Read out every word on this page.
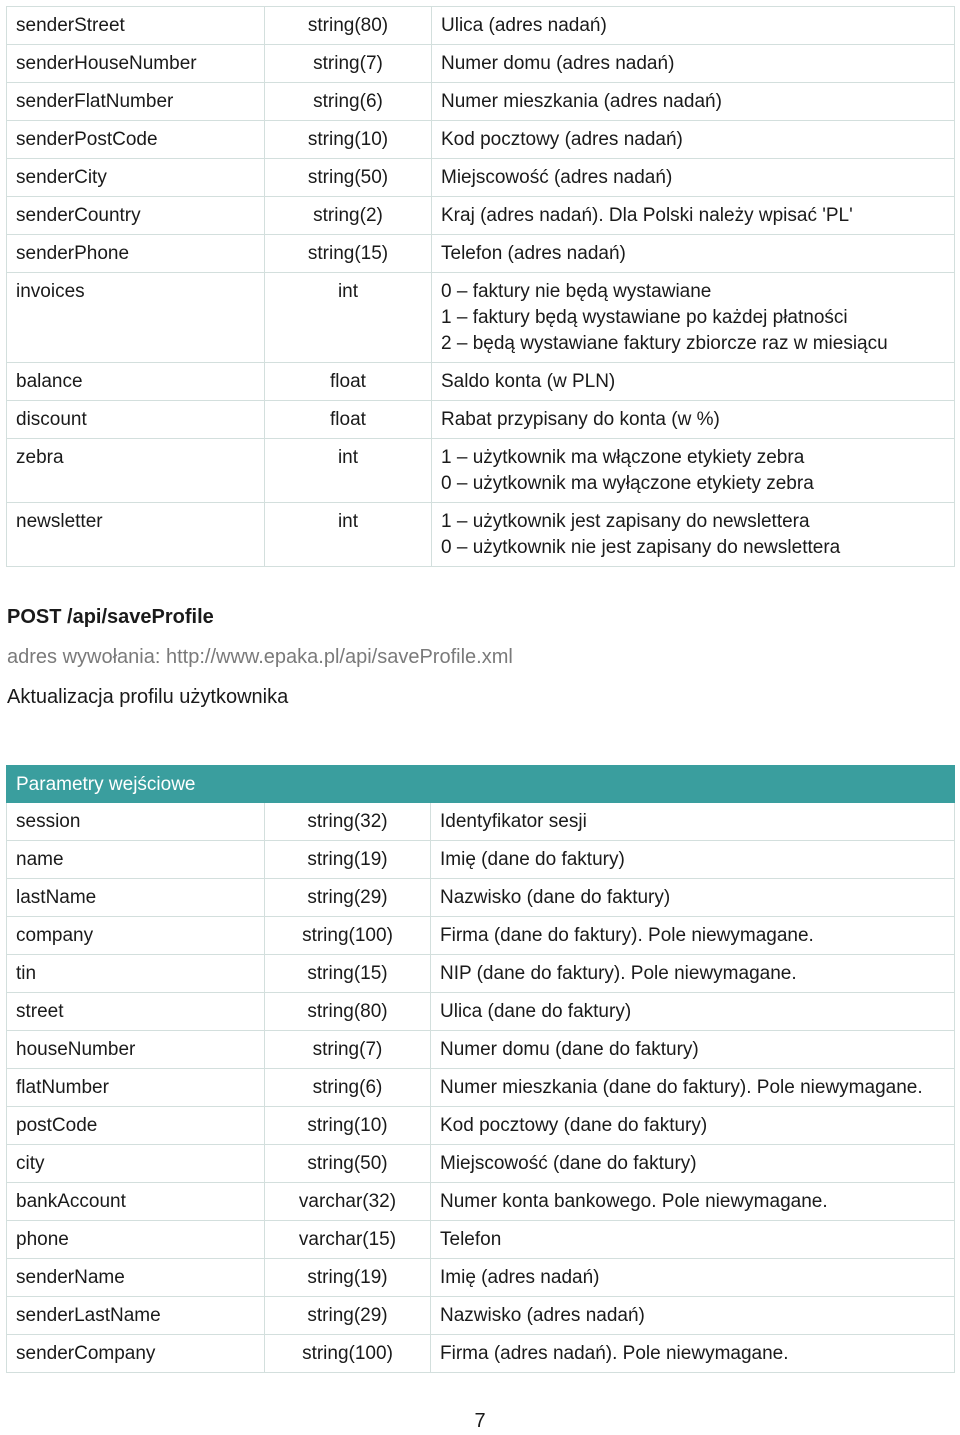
senderStreet	string(80)	Ulica (adres nadań)

senderHouseNumber	string(7)	Numer domu (adres nadań)

senderFlatNumber	string(6)	Numer mieszkania (adres nadań)

senderPostCode	string(10)	Kod pocztowy (adres nadań)

senderCity	string(50)	Miejscowość (adres nadań)

senderCountry	string(2)	Kraj (adres nadań). Dla Polski należy wpisać 'PL'

senderPhone	string(15)	Telefon (adres nadań)

invoices	int	0 – faktury nie będą wystawiane
1 – faktury będą wystawiane po każdej płatności
2 – będą wystawiane faktury zbiorcze raz w miesiącu

balance	float	Saldo konta (w PLN)

discount	float	Rabat przypisany do konta (w %)

zebra	int	1 – użytkownik ma włączone etykiety zebra
0 – użytkownik ma wyłączone etykiety zebra

newsletter	int	1 – użytkownik jest zapisany do newslettera
0 – użytkownik nie jest zapisany do newslettera
POST /api/saveProfile

adres wywołania: http://www.epaka.pl/api/saveProfile.xml

Aktualizacja profilu użytkownika

Parametry wejściowe		
session	string(32)	Identyfikator sesji
name	string(19)	Imię (dane do faktury)
lastName	string(29)	Nazwisko (dane do faktury)
company	string(100)	Firma (dane do faktury). Pole niewymagane.
tin	string(15)	NIP (dane do faktury). Pole niewymagane.
street	string(80)	Ulica (dane do faktury)
houseNumber	string(7)	Numer domu (dane do faktury)
flatNumber	string(6)	Numer mieszkania (dane do faktury). Pole niewymagane.
postCode	string(10)	Kod pocztowy (dane do faktury)
city	string(50)	Miejscowość (dane do faktury)
bankAccount	varchar(32)	Numer konta bankowego. Pole niewymagane.
phone	varchar(15)	Telefon
senderName	string(19)	Imię (adres nadań)
senderLastName	string(29)	Nazwisko (adres nadań)
senderCompany	string(100)	Firma (adres nadań). Pole niewymagane.
7
